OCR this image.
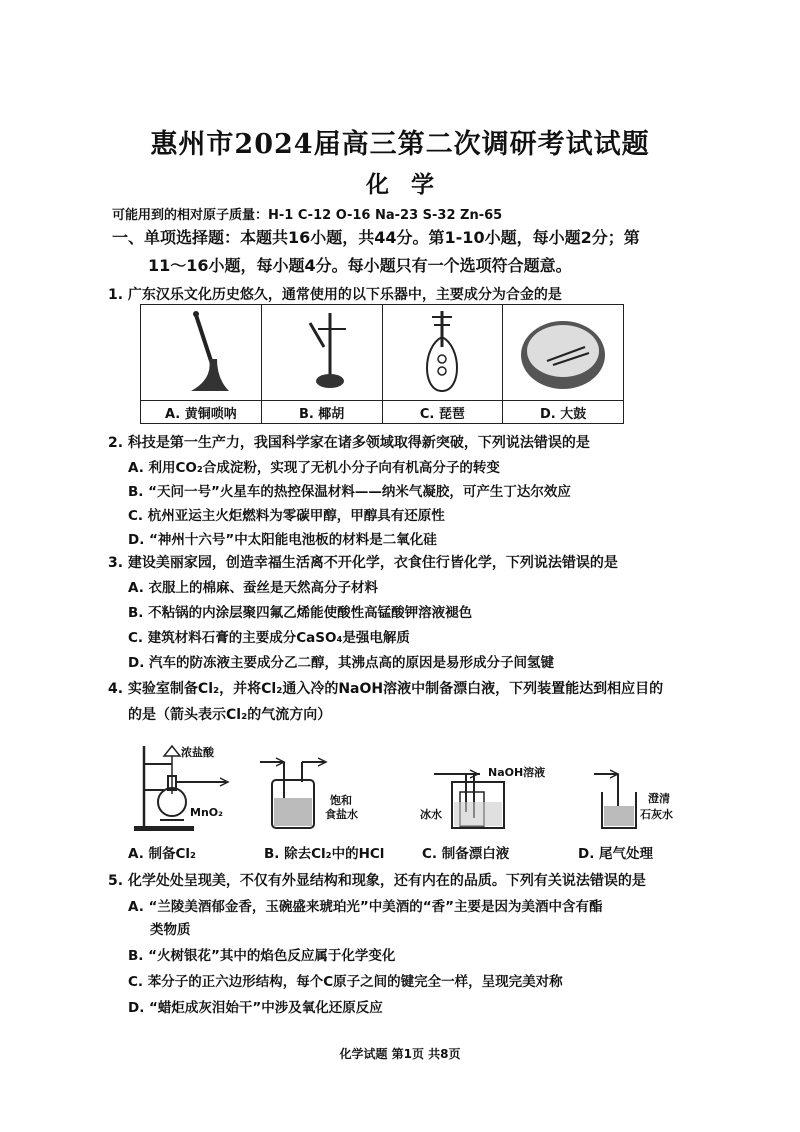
惠州市2024届高三第二次调研考试试题
化学
可能用到的相对原子质量：H-1 C-12 O-16 Na-23 S-32 Zn-65
一、单项选择题：本题共16小题，共44分。第1-10小题，每小题2分；第
11～16小题，每小题4分。每小题只有一个选项符合题意。
1. 广东汉乐文化历史悠久，通常使用的以下乐器中，主要成分为合金的是

A. 黄铜唢呐	B. 椰胡	C. 琵琶	D. 大鼓
2. 科技是第一生产力，我国科学家在诸多领域取得新突破，下列说法错误的是
A. 利用CO₂合成淀粉，实现了无机小分子向有机高分子的转变
B. “天问一号”火星车的热控保温材料——纳米气凝胶，可产生丁达尔效应
C. 杭州亚运主火炬燃料为零碳甲醇，甲醇具有还原性
D. “神州十六号”中太阳能电池板的材料是二氧化硅
3. 建设美丽家园，创造幸福生活离不开化学，衣食住行皆化学，下列说法错误的是
A. 衣服上的棉麻、蚕丝是天然高分子材料
B. 不粘锅的内涂层聚四氟乙烯能使酸性高锰酸钾溶液褪色
C. 建筑材料石膏的主要成分CaSO₄是强电解质
D. 汽车的防冻液主要成分乙二醇，其沸点高的原因是易形成分子间氢键
4. 实验室制备Cl₂，并将Cl₂通入冷的NaOH溶液中制备漂白液，下列装置能达到相应目的
的是（箭头表示Cl₂的气流方向）
浓盐酸
MnO₂
饱和
食盐水
NaOH溶液
冰水
澄清
石灰水
A. 制备Cl₂	B. 除去Cl₂中的HCl	C. 制备漂白液	D. 尾气处理
5. 化学处处呈现美，不仅有外显结构和现象，还有内在的品质。下列有关说法错误的是
A. “兰陵美酒郁金香，玉碗盛来琥珀光”中美酒的“香”主要是因为美酒中含有酯
类物质
B. “火树银花”其中的焰色反应属于化学变化
C. 苯分子的正六边形结构，每个C原子之间的键完全一样，呈现完美对称
D. “蜡炬成灰泪始干”中涉及氧化还原反应
化学试题 第1页 共8页
